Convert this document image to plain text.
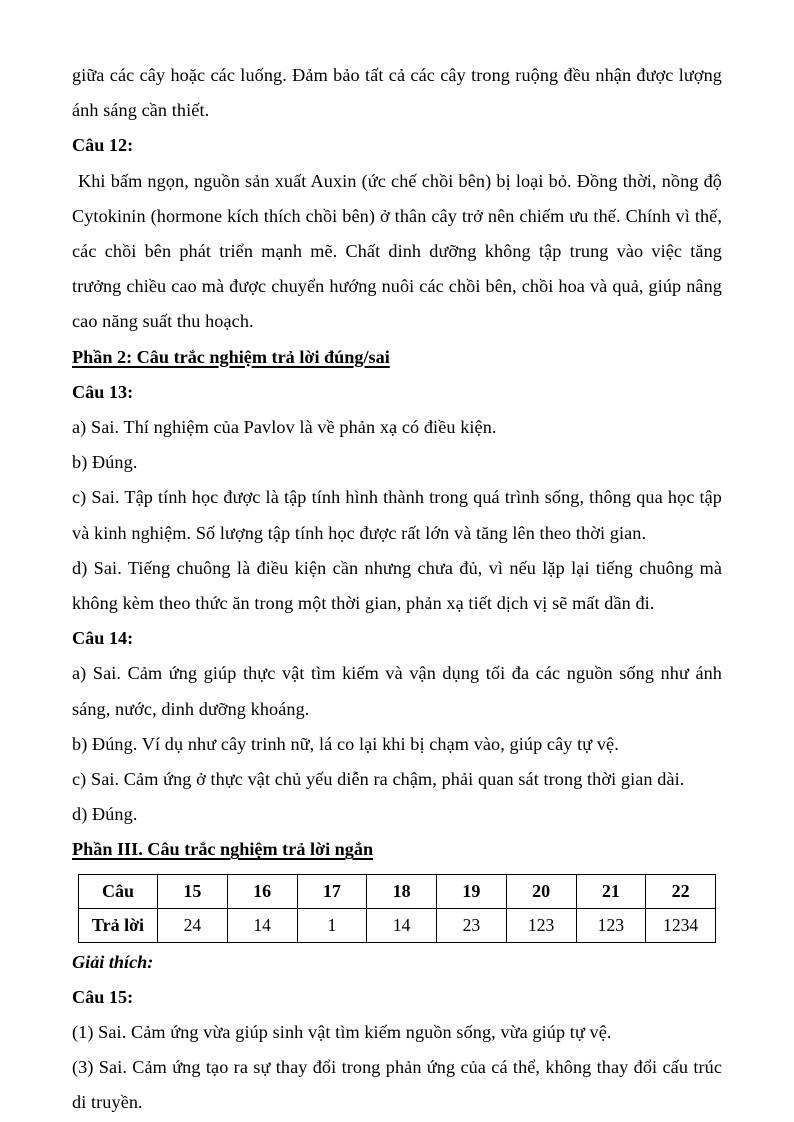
giữa các cây hoặc các luống. Đảm bảo tất cả các cây trong ruộng đều nhận được lượng ánh sáng cần thiết.

Câu 12:

Khi bấm ngọn, nguồn sản xuất Auxin (ức chế chồi bên) bị loại bỏ. Đồng thời, nồng độ Cytokinin (hormone kích thích chồi bên) ở thân cây trở nên chiếm ưu thế. Chính vì thế, các chồi bên phát triển mạnh mẽ. Chất dinh dưỡng không tập trung vào việc tăng trưởng chiều cao mà được chuyển hướng nuôi các chồi bên, chồi hoa và quả, giúp nâng cao năng suất thu hoạch.

Phần 2: Câu trắc nghiệm trả lời đúng/sai
Câu 13:

a) Sai. Thí nghiệm của Pavlov là về phản xạ có điều kiện.

b) Đúng.

c) Sai. Tập tính học được là tập tính hình thành trong quá trình sống, thông qua học tập và kinh nghiệm. Số lượng tập tính học được rất lớn và tăng lên theo thời gian.

d) Sai. Tiếng chuông là điều kiện cần nhưng chưa đủ, vì nếu lặp lại tiếng chuông mà không kèm theo thức ăn trong một thời gian, phản xạ tiết dịch vị sẽ mất dần đi.

Câu 14:

a) Sai. Cảm ứng giúp thực vật tìm kiếm và vận dụng tối đa các nguồn sống như ánh sáng, nước, dinh dưỡng khoáng.

b) Đúng. Ví dụ như cây trinh nữ, lá co lại khi bị chạm vào, giúp cây tự vệ.

c) Sai. Cảm ứng ở thực vật chủ yếu diễn ra chậm, phải quan sát trong thời gian dài.

d) Đúng.

Phần III. Câu trắc nghiệm trả lời ngắn
Câu	15	16	17	18	19	20	21	22
Trả lời	24	14	1	14	23	123	123	1234
Giải thích:
Câu 15:

(1) Sai. Cảm ứng vừa giúp sinh vật tìm kiếm nguồn sống, vừa giúp tự vệ.

(3) Sai. Cảm ứng tạo ra sự thay đổi trong phản ứng của cá thể, không thay đổi cấu trúc di truyền.
